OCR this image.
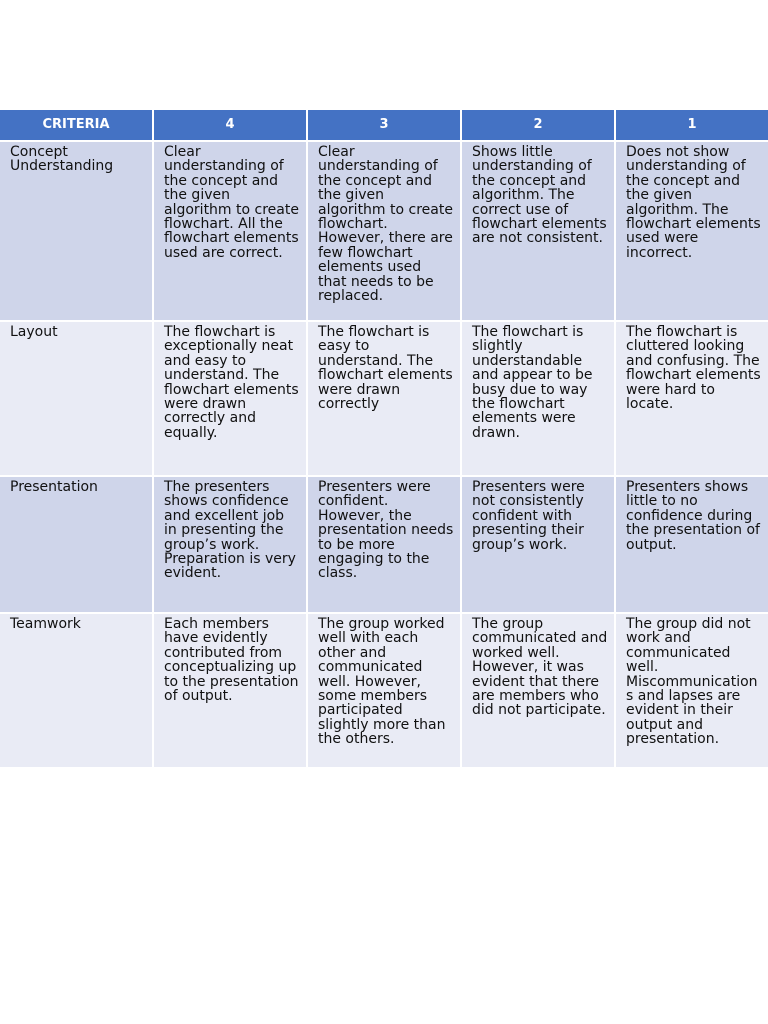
CRITERIA	4	3	2	1
Concept Understanding	Clear understanding of the concept and the given algorithm to create flowchart. All the flowchart elements used are correct.	Clear understanding of the concept and the given algorithm to create flowchart. However, there are few flowchart elements used that needs to be replaced.	Shows little understanding of the concept and algorithm. The correct use of flowchart elements are not consistent.	Does not show understanding of the concept and the given algorithm. The flowchart elements used were incorrect.
Layout	The flowchart is exceptionally neat and easy to understand. The flowchart elements were drawn correctly and equally.	The flowchart is easy to understand. The flowchart elements were drawn correctly	The flowchart is slightly understandable and appear to be busy due to way the flowchart elements were drawn.	The flowchart is cluttered looking and confusing. The flowchart elements were hard to locate.
Presentation	The presenters shows confidence and excellent job in presenting the group’s work. Preparation is very evident.	Presenters were confident. However, the presentation needs to be more engaging to the class.	Presenters were not consistently confident with presenting their group’s work.	Presenters shows little to no confidence during the presentation of output.
Teamwork	Each members have evidently contributed from conceptualizing up to the presentation of output.	The group worked well with each other and communicated well. However, some members participated slightly more than the others.	The group communicated and worked well. However, it was evident that there are members who did not participate.	The group did not work and communicated well. Miscommunications and lapses are evident in their output and presentation.
